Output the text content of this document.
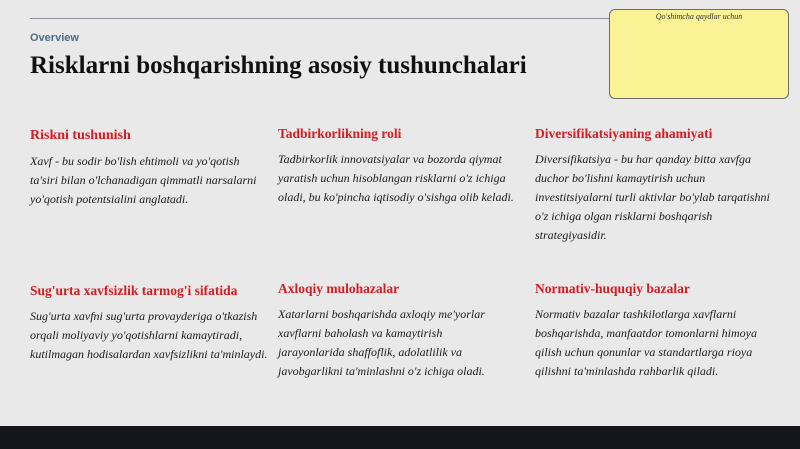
Overview
Risklarni boshqarishning asosiy tushunchalari
Qo'shimcha qaydlar uchun
Riskni tushunish
Xavf - bu sodir bo'lish ehtimoli va yo'qotish ta'siri bilan o'lchanadigan qimmatli narsalarni yo'qotish potentsialini anglatadi.
Tadbirkorlikning roli
Tadbirkorlik innovatsiyalar va bozorda qiymat yaratish uchun hisoblangan risklarni o'z ichiga oladi, bu ko'pincha iqtisodiy o'sishga olib keladi.
Diversifikatsiyaning ahamiyati
Diversifikatsiya - bu har qanday bitta xavfga duchor bo'lishni kamaytirish uchun investitsiyalarni turli aktivlar bo'ylab tarqatishni o'z ichiga olgan risklarni boshqarish strategiyasidir.
Sug'urta xavfsizlik tarmog'i sifatida
Sug'urta xavfni sug'urta provayderiga o'tkazish orqali moliyaviy yo'qotishlarni kamaytiradi, kutilmagan hodisalardan xavfsizlikni ta'minlaydi.
Axloqiy mulohazalar
Xatarlarni boshqarishda axloqiy me'yorlar xavflarni baholash va kamaytirish jarayonlarida shaffoflik, adolatlilik va javobgarlikni ta'minlashni o'z ichiga oladi.
Normativ-huquqiy bazalar
Normativ bazalar tashkilotlarga xavflarni boshqarishda, manfaatdor tomonlarni himoya qilish uchun qonunlar va standartlarga rioya qilishni ta'minlashda rahbarlik qiladi.
